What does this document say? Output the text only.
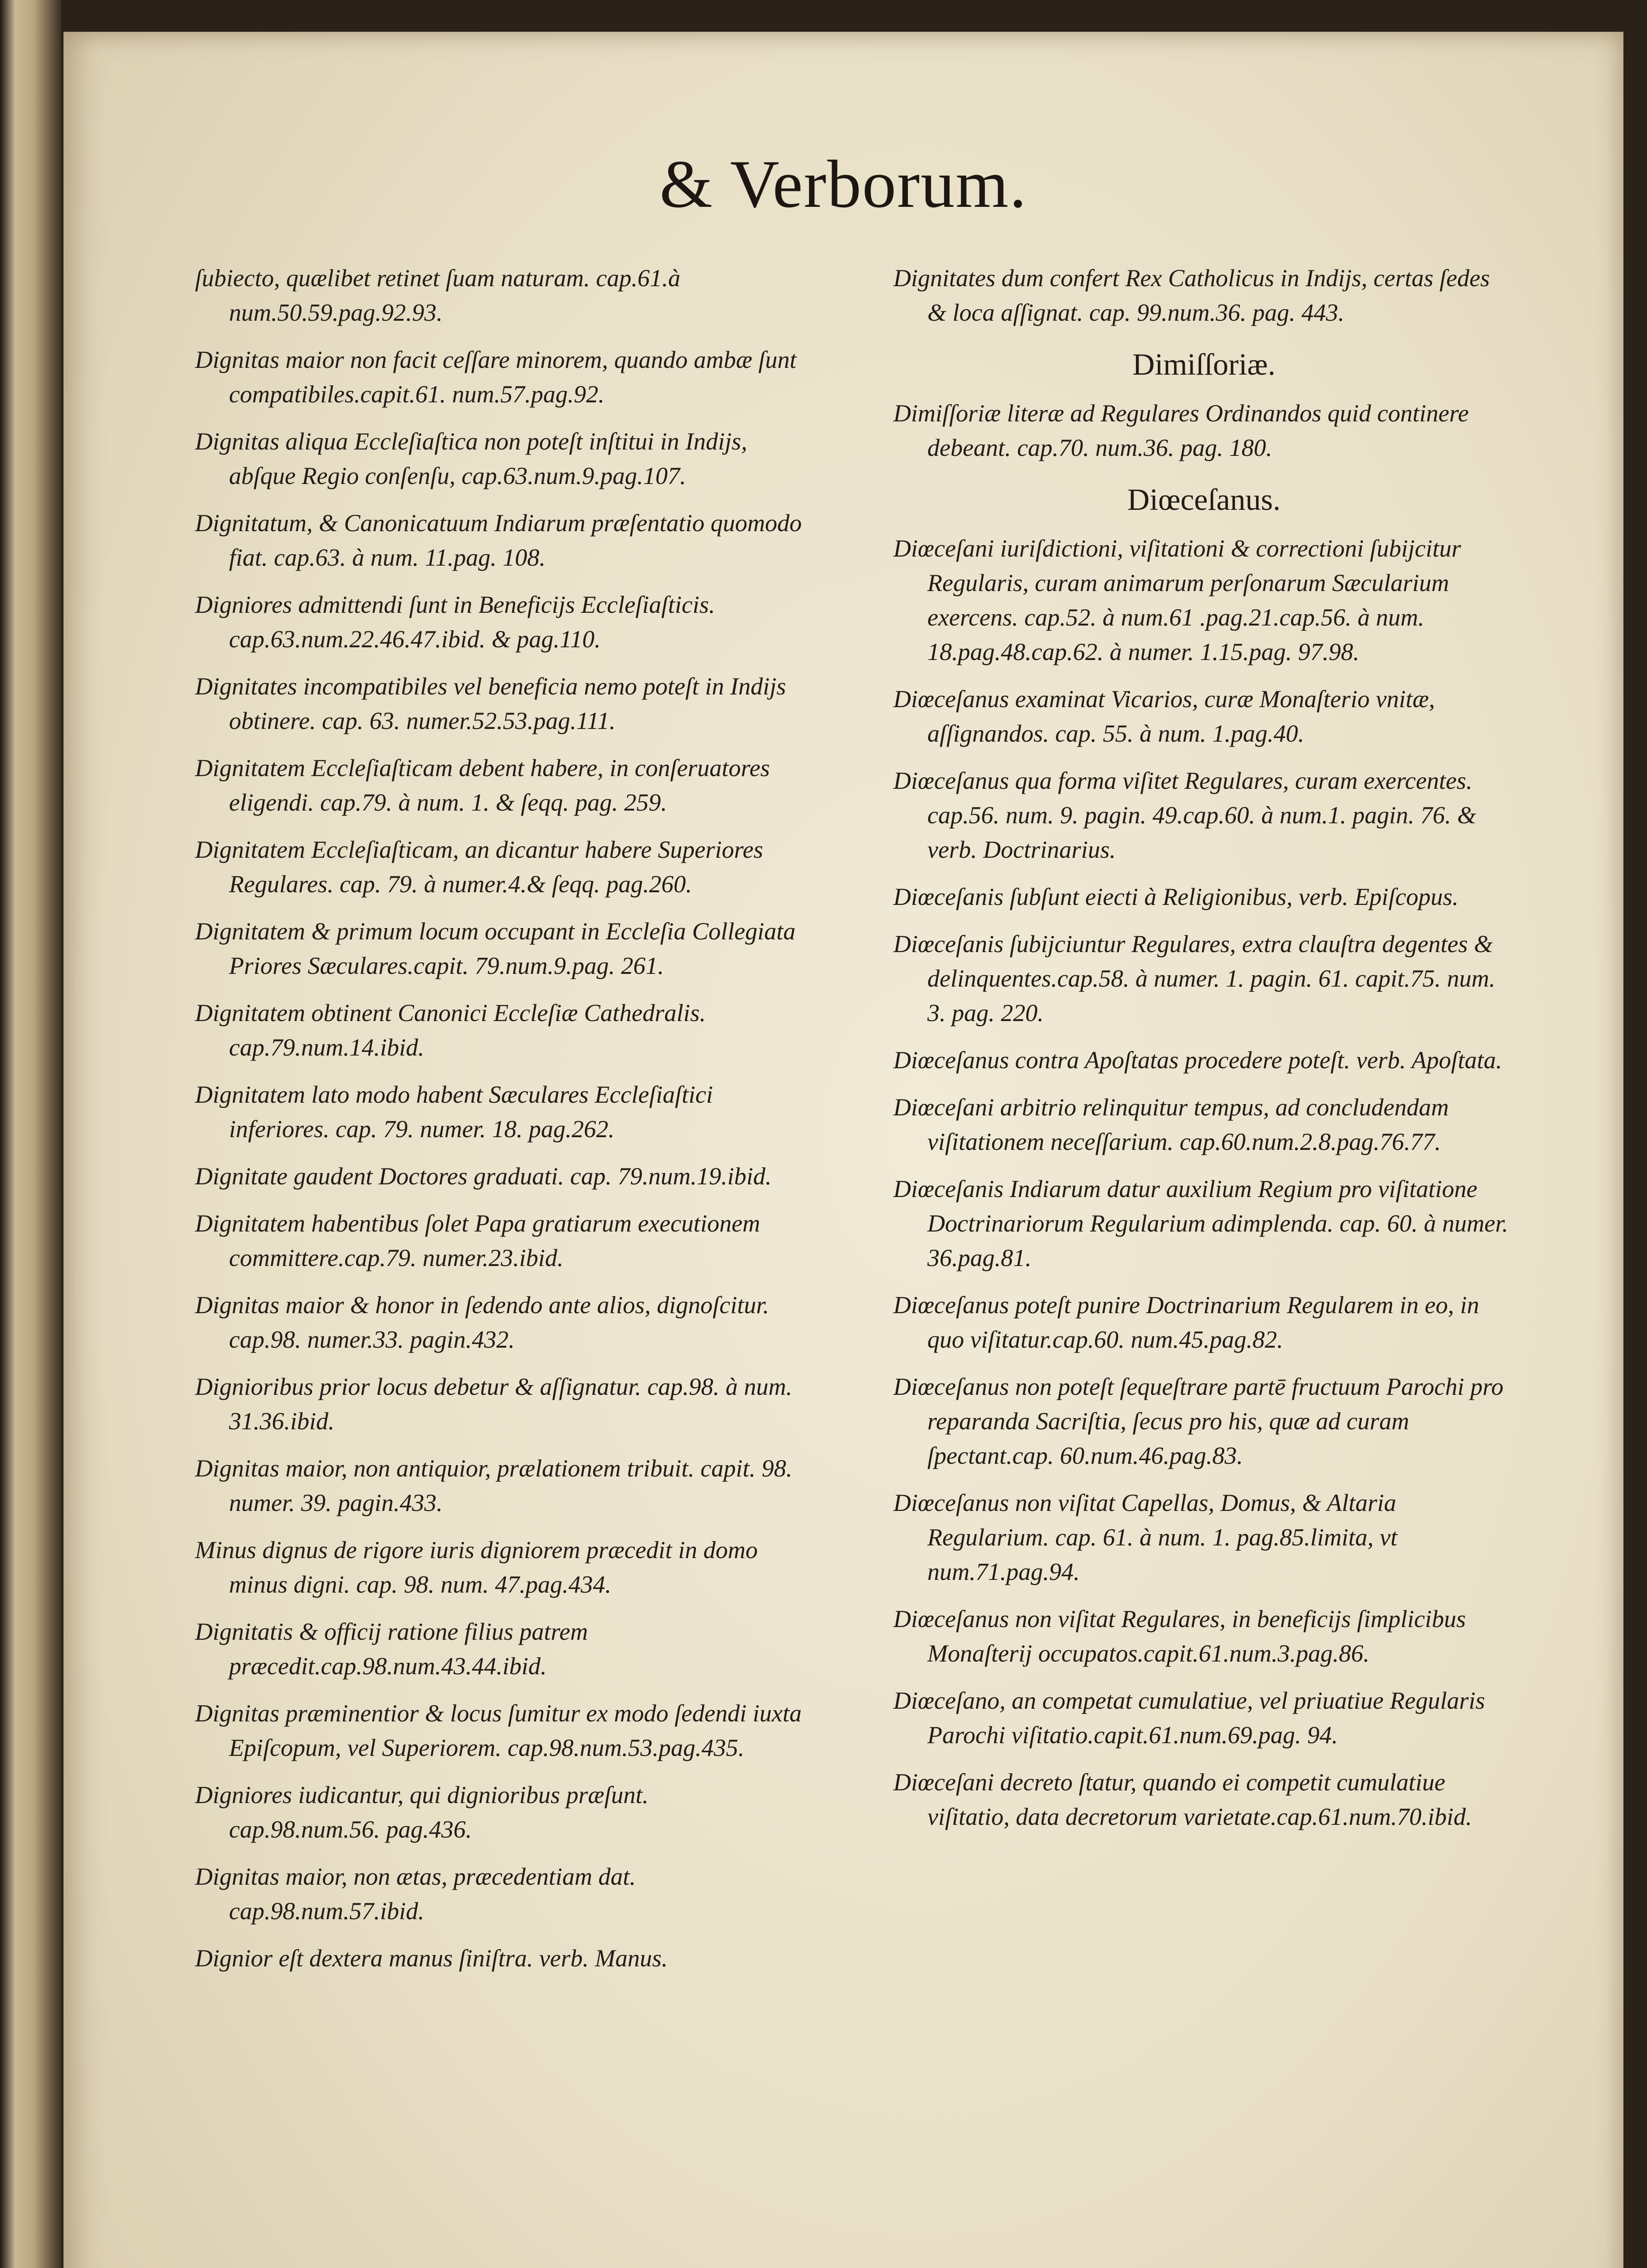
& Verborum.
ſubiecto, quælibet retinet ſuam naturam. cap.61.à num.50.59.pag.92.93.
Dignitas maior non facit ceſſare minorem, quando ambæ ſunt compatibiles.capit.61. num.57.pag.92.
Dignitas aliqua Eccleſiaſtica non poteſt inſtitui in Indijs, abſque Regio conſenſu, cap.63.num.9.pag.107.
Dignitatum, & Canonicatuum Indiarum præſentatio quomodo fiat. cap.63. à num. 11.pag. 108.
Digniores admittendi ſunt in Beneficijs Eccleſiaſticis. cap.63.num.22.46.47.ibid. & pag.110.
Dignitates incompatibiles vel beneficia nemo poteſt in Indijs obtinere. cap. 63. numer.52.53.pag.111.
Dignitatem Eccleſiaſticam debent habere, in conſeruatores eligendi. cap.79. à num. 1. & ſeqq. pag. 259.
Dignitatem Eccleſiaſticam, an dicantur habere Superiores Regulares. cap. 79. à numer.4.& ſeqq. pag.260.
Dignitatem & primum locum occupant in Eccleſia Collegiata Priores Sæculares.capit. 79.num.9.pag. 261.
Dignitatem obtinent Canonici Eccleſiæ Cathedralis. cap.79.num.14.ibid.
Dignitatem lato modo habent Sæculares Eccleſiaſtici inferiores. cap. 79. numer. 18. pag.262.
Dignitate gaudent Doctores graduati. cap. 79.num.19.ibid.
Dignitatem habentibus ſolet Papa gratiarum executionem committere.cap.79. numer.23.ibid.
Dignitas maior & honor in ſedendo ante alios, dignoſcitur. cap.98. numer.33. pagin.432.
Dignioribus prior locus debetur & aſſignatur. cap.98. à num. 31.36.ibid.
Dignitas maior, non antiquior, prælationem tribuit. capit. 98. numer. 39. pagin.433.
Minus dignus de rigore iuris digniorem præcedit in domo minus digni. cap. 98. num. 47.pag.434.
Dignitatis & officij ratione filius patrem præcedit.cap.98.num.43.44.ibid.
Dignitas præminentior & locus ſumitur ex modo ſedendi iuxta Epiſcopum, vel Superiorem. cap.98.num.53.pag.435.
Digniores iudicantur, qui dignioribus præſunt. cap.98.num.56. pag.436.
Dignitas maior, non ætas, præcedentiam dat. cap.98.num.57.ibid.
Dignior eſt dextera manus ſiniſtra. verb. Manus.
Dignitates dum confert Rex Catholicus in Indijs, certas ſedes & loca aſſignat. cap. 99.num.36. pag. 443.
Dimiſſoriæ.
Dimiſſoriæ literæ ad Regulares Ordinandos quid continere debeant. cap.70. num.36. pag. 180.
Diœceſanus.
Diœceſani iuriſdictioni, viſitationi & correctioni ſubijcitur Regularis, curam animarum perſonarum Sæcularium exercens. cap.52. à num.61 .pag.21.cap.56. à num. 18.pag.48.cap.62. à numer. 1.15.pag. 97.98.
Diœceſanus examinat Vicarios, curæ Monaſterio vnitæ, aſſignandos. cap. 55. à num. 1.pag.40.
Diœceſanus qua forma viſitet Regulares, curam exercentes. cap.56. num. 9. pagin. 49.cap.60. à num.1. pagin. 76. & verb. Doctrinarius.
Diœceſanis ſubſunt eiecti à Religionibus, verb. Epiſcopus.
Diœceſanis ſubijciuntur Regulares, extra clauſtra degentes & delinquentes.cap.58. à numer. 1. pagin. 61. capit.75. num. 3. pag. 220.
Diœceſanus contra Apoſtatas procedere poteſt. verb. Apoſtata.
Diœceſani arbitrio relinquitur tempus, ad concludendam viſitationem neceſſarium. cap.60.num.2.8.pag.76.77.
Diœceſanis Indiarum datur auxilium Regium pro viſitatione Doctrinariorum Regularium adimplenda. cap. 60. à numer. 36.pag.81.
Diœceſanus poteſt punire Doctrinarium Regularem in eo, in quo viſitatur.cap.60. num.45.pag.82.
Diœceſanus non poteſt ſequeſtrare partē fructuum Parochi pro reparanda Sacriſtia, ſecus pro his, quæ ad curam ſpectant.cap. 60.num.46.pag.83.
Diœceſanus non viſitat Capellas, Domus, & Altaria Regularium. cap. 61. à num. 1. pag.85.limita, vt num.71.pag.94.
Diœceſanus non viſitat Regulares, in beneficijs ſimplicibus Monaſterij occupatos.capit.61.num.3.pag.86.
Diœceſano, an competat cumulatiue, vel priuatiue Regularis Parochi viſitatio.capit.61.num.69.pag. 94.
Diœceſani decreto ſtatur, quando ei competit cumulatiue viſitatio, data decretorum varietate.cap.61.num.70.ibid.
